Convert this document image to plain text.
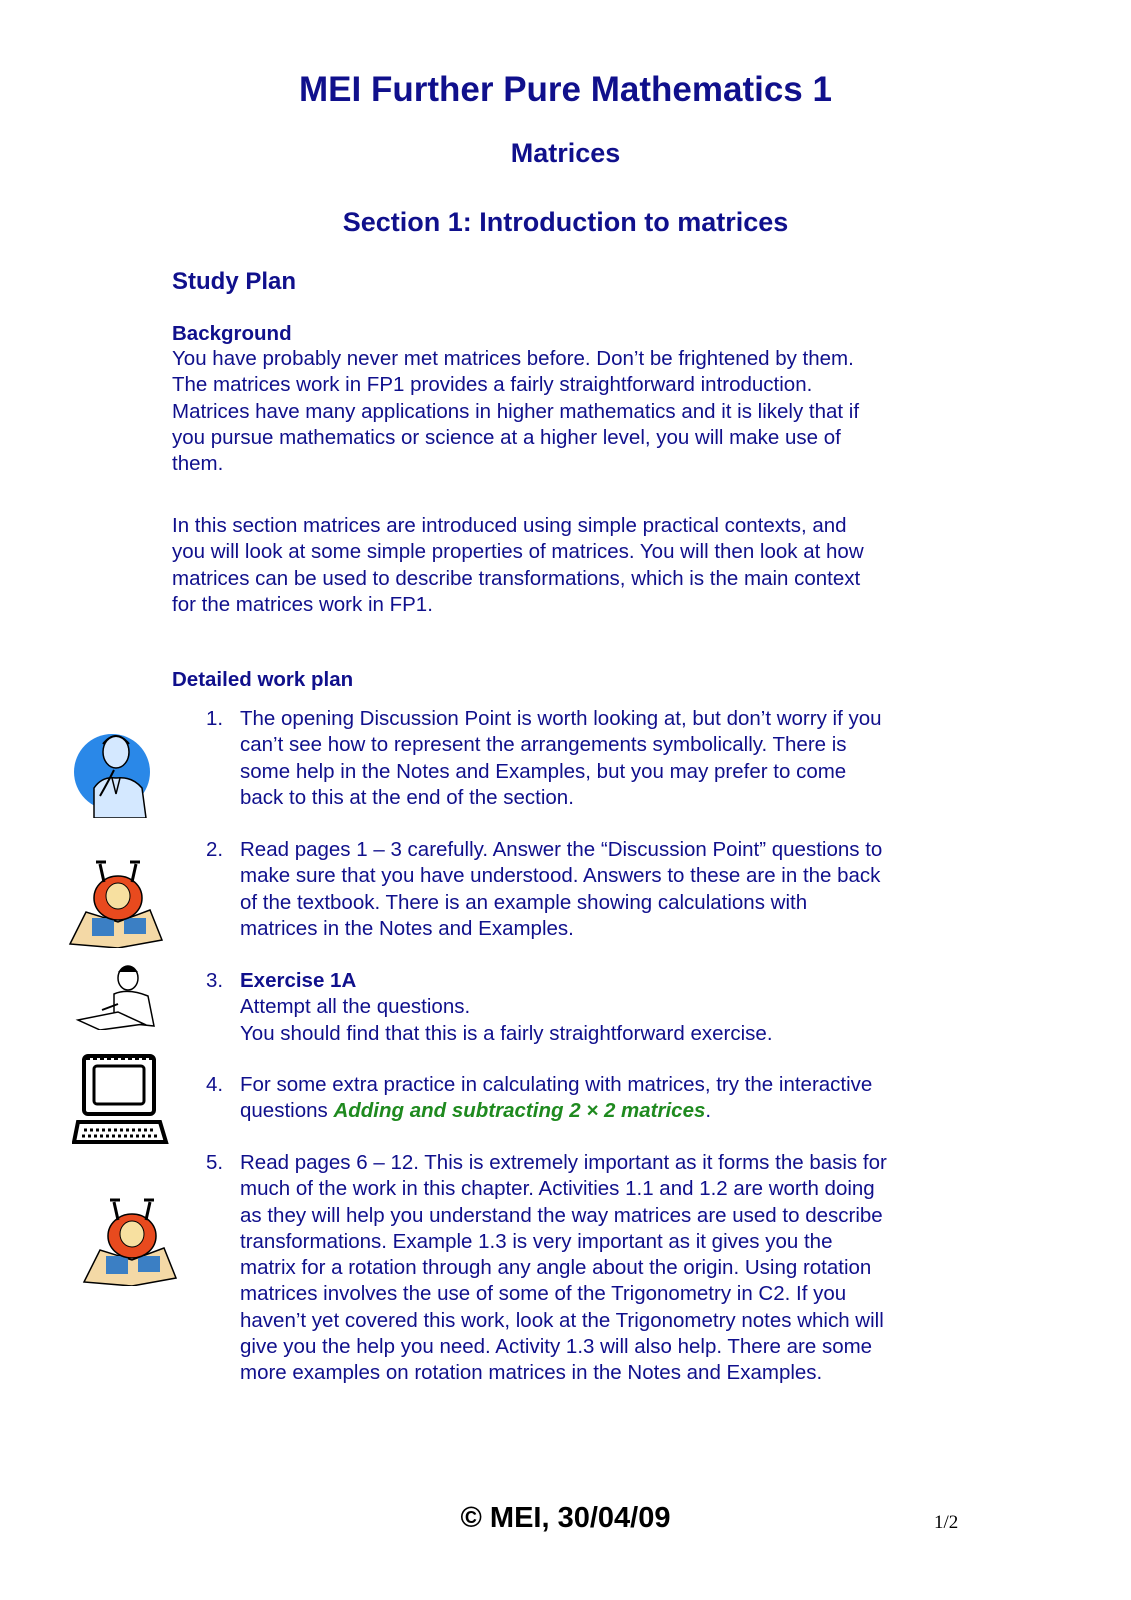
MEI Further Pure Mathematics 1
Matrices
Section 1: Introduction to matrices
Study Plan
Background
You have probably never met matrices before. Don’t be frightened by them.
The matrices work in FP1 provides a fairly straightforward introduction.
Matrices have many applications in higher mathematics and it is likely that if
you pursue mathematics or science at a higher level, you will make use of
them.
In this section matrices are introduced using simple practical contexts, and
you will look at some simple properties of matrices. You will then look at how
matrices can be used to describe transformations, which is the main context
for the matrices work in FP1.
Detailed work plan
1. The opening Discussion Point is worth looking at, but don’t worry if you
can’t see how to represent the arrangements symbolically. There is
some help in the Notes and Examples, but you may prefer to come
back to this at the end of the section.
2. Read pages 1 – 3 carefully. Answer the “Discussion Point” questions to
make sure that you have understood. Answers to these are in the back
of the textbook. There is an example showing calculations with
matrices in the Notes and Examples.
3. Exercise 1A
Attempt all the questions.
You should find that this is a fairly straightforward exercise.
4. For some extra practice in calculating with matrices, try the interactive
questions Adding and subtracting 2 × 2 matrices.
5. Read pages 6 – 12. This is extremely important as it forms the basis for
much of the work in this chapter. Activities 1.1 and 1.2 are worth doing
as they will help you understand the way matrices are used to describe
transformations. Example 1.3 is very important as it gives you the
matrix for a rotation through any angle about the origin. Using rotation
matrices involves the use of some of the Trigonometry in C2. If you
haven’t yet covered this work, look at the Trigonometry notes which will
give you the help you need. Activity 1.3 will also help. There are some
more examples on rotation matrices in the Notes and Examples.
© MEI, 30/04/09	1/2
